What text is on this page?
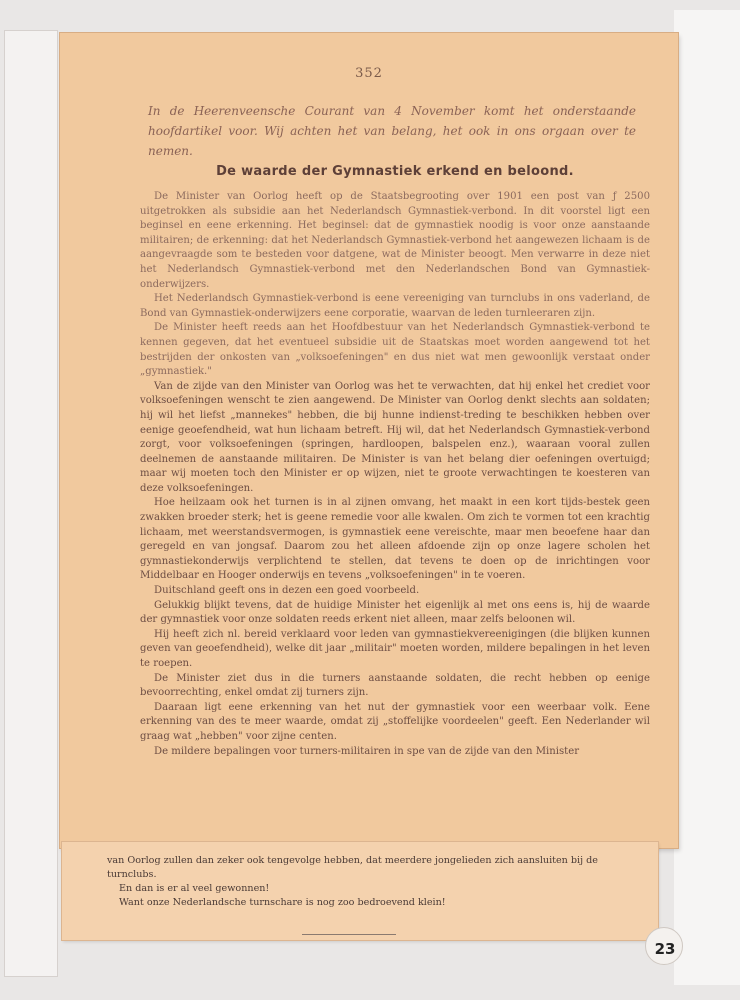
352
In de Heerenveensche Courant van 4 November komt het onderstaande hoofdartikel voor. Wij achten het van belang, het ook in ons orgaan over te nemen.
De waarde der Gymnastiek erkend en beloond.

De Minister van Oorlog heeft op de Staatsbegrooting over 1901 een post van ƒ 2500 uitgetrokken als subsidie aan het Nederlandsch Gymnastiek-verbond. In dit voorstel ligt een beginsel en eene erkenning. Het beginsel: dat de gymnastiek noodig is voor onze aanstaande militairen; de erkenning: dat het Nederlandsch Gymnastiek-verbond het aangewezen lichaam is de aangevraagde som te besteden voor datgene, wat de Minister beoogt. Men verwarre in deze niet het Nederlandsch Gymnastiek-verbond met den Nederlandschen Bond van Gymnastiek-onderwijzers.

Het Nederlandsch Gymnastiek-verbond is eene vereeniging van turnclubs in ons vaderland, de Bond van Gymnastiek-onderwijzers eene corporatie, waarvan de leden turnleeraren zijn.

De Minister heeft reeds aan het Hoofdbestuur van het Nederlandsch Gymnastiek-verbond te kennen gegeven, dat het eventueel subsidie uit de Staatskas moet worden aangewend tot het bestrijden der onkosten van „volksoefeningen" en dus niet wat men gewoonlijk verstaat onder „gymnastiek."

Van de zijde van den Minister van Oorlog was het te verwachten, dat hij enkel het crediet voor volksoefeningen wenscht te zien aangewend. De Minister van Oorlog denkt slechts aan soldaten; hij wil het liefst „mannekes" hebben, die bij hunne indienst-treding te beschikken hebben over eenige geoefendheid, wat hun lichaam betreft. Hij wil, dat het Nederlandsch Gymnastiek-verbond zorgt, voor volksoefeningen (springen, hardloopen, balspelen enz.), waaraan vooral zullen deelnemen de aanstaande militairen. De Minister is van het belang dier oefeningen overtuigd; maar wij moeten toch den Minister er op wijzen, niet te groote verwachtingen te koesteren van deze volksoefeningen.

Hoe heilzaam ook het turnen is in al zijnen omvang, het maakt in een kort tijds-bestek geen zwakken broeder sterk; het is geene remedie voor alle kwalen. Om zich te vormen tot een krachtig lichaam, met weerstandsvermogen, is gymnastiek eene vereischte, maar men beoefene haar dan geregeld en van jongsaf. Daarom zou het alleen afdoende zijn op onze lagere scholen het gymnastiekonderwijs verplichtend te stellen, dat tevens te doen op de inrichtingen voor Middelbaar en Hooger onderwijs en tevens „volksoefeningen" in te voeren.

Duitschland geeft ons in dezen een goed voorbeeld.

Gelukkig blijkt tevens, dat de huidige Minister het eigenlijk al met ons eens is, hij de waarde der gymnastiek voor onze soldaten reeds erkent niet alleen, maar zelfs beloonen wil.

Hij heeft zich nl. bereid verklaard voor leden van gymnastiekvereenigingen (die blijken kunnen geven van geoefendheid), welke dit jaar „militair" moeten worden, mildere bepalingen in het leven te roepen.

De Minister ziet dus in die turners aanstaande soldaten, die recht hebben op eenige bevoorrechting, enkel omdat zij turners zijn.

Daaraan ligt eene erkenning van het nut der gymnastiek voor een weerbaar volk. Eene erkenning van des te meer waarde, omdat zij „stoffelijke voordeelen" geeft. Een Nederlander wil graag wat „hebben" voor zijne centen.

De mildere bepalingen voor turners-militairen in spe van de zijde van den Minister

van Oorlog zullen dan zeker ook tengevolge hebben, dat meerdere jongelieden zich aansluiten bij de turnclubs.

En dan is er al veel gewonnen!

Want onze Nederlandsche turnschare is nog zoo bedroevend klein!

23
